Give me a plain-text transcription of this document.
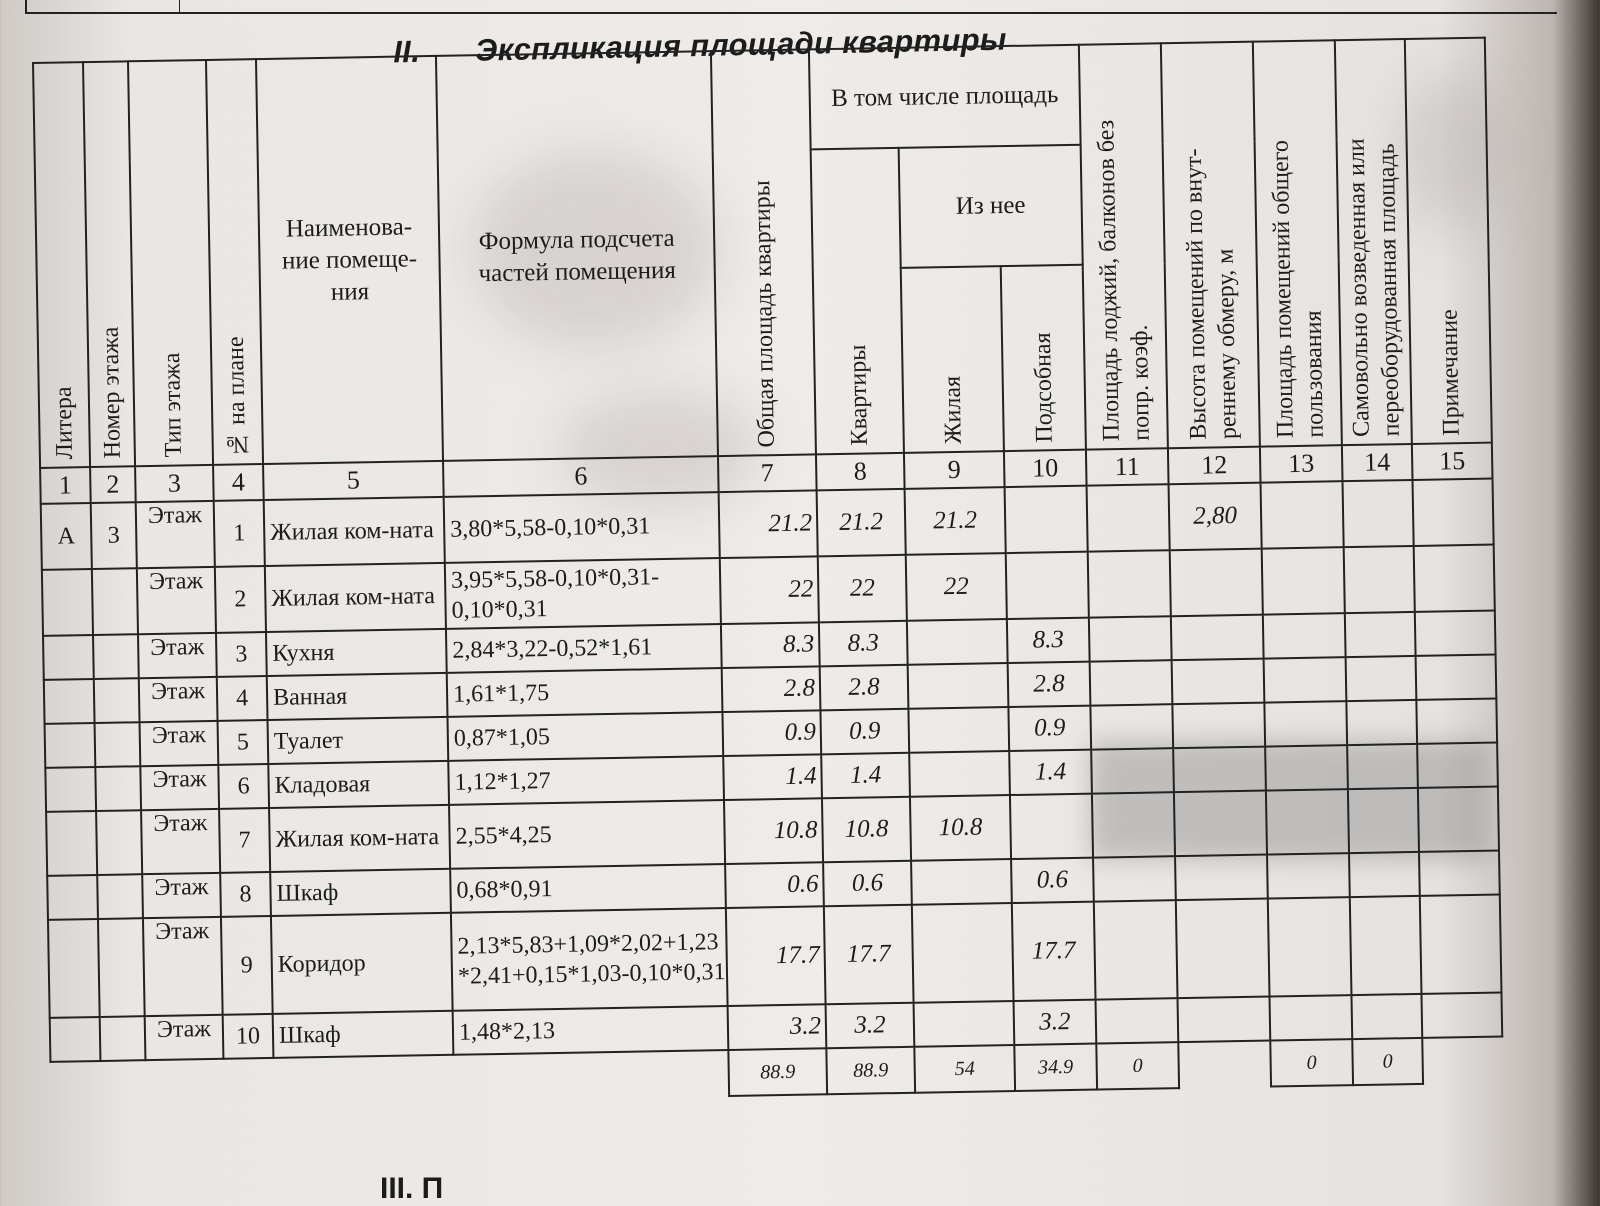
II. Экспликация площади квартиры
Литера	Номер этажа	Тип этажа	№ на плане	Наименова-ние помеще-ния	Формула подсчета частей помещения	Общая площадь квартиры	В том числе площадь			Площадь лоджий, балконов без попр. коэф.	Высота помещений по внут-реннему обмеру, м	Площадь помещений общего пользования	Самовольно возведенная или переоборудованная площадь	Примечание
							Квартиры	Из нее						

								Жилая	Подсобная					
1	2	3	4	5	6	7	8	9	10	11	12	13	14	15
А	3	Этаж	1	Жилая ком-ната	3,80*5,58-0,10*0,31	21.2	21.2	21.2			2,80			
		Этаж	2	Жилая ком-ната	3,95*5,58-0,10*0,31-0,10*0,31	22	22	22						
		Этаж	3	Кухня	2,84*3,22-0,52*1,61	8.3	8.3		8.3					
		Этаж	4	Ванная	1,61*1,75	2.8	2.8		2.8					
		Этаж	5	Туалет	0,87*1,05	0.9	0.9		0.9					
		Этаж	6	Кладовая	1,12*1,27	1.4	1.4		1.4					
		Этаж	7	Жилая ком-ната	2,55*4,25	10.8	10.8	10.8						
		Этаж	8	Шкаф	0,68*0,91	0.6	0.6		0.6					
		Этаж	9	Коридор	2,13*5,83+1,09*2,02+1,23*2,41+0,15*1,03-0,10*0,31	17.7	17.7		17.7					
		Этаж	10	Шкаф	1,48*2,13	3.2	3.2		3.2					
						88.9	88.9	54	34.9	0		0	0	
III. П
